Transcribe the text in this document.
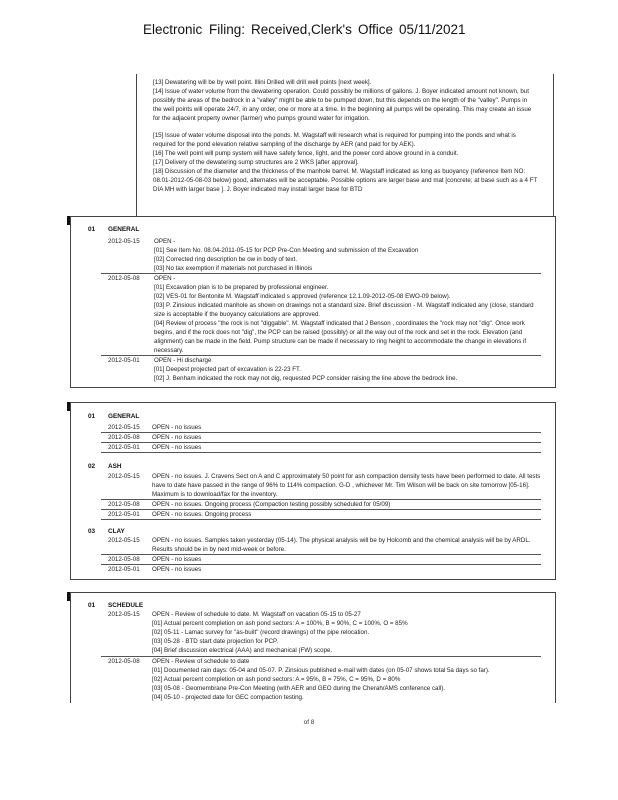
Electronic Filing: Received,Clerk's Office 05/11/2021
[13] Dewatering will be by well point. Illini Drilled will drill well points [next week].
[14] Issue of water volume from the dewatering operation. Could possibly be millions of gallons. J. Boyer indicated amount not known, but
possibly the areas of the bedrock in a "valley" might be able to be pumped down, but this depends on the length of the "valley". Pumps in
the well points will operate 24/7, in any order, one or more at a time. In the beginning all pumps will be operating. This may create an issue
for the adjacent property owner (farmer) who pumps ground water for irrigation.
[15] Issue of water volume disposal into the ponds. M. Wagstaff will research what is required for pumping into the ponds and what is
required for the pond elevation relative sampling of the discharge by AER (and paid for by AEK).
[16] The well point will pump system will have safety fence, light, and the power cord above ground in a conduit.
[17] Delivery of the dewatering sump structures are 2 WKS [after approval].
[18] Discussion of the diameter and the thickness of the manhole barrel. M. Wagstaff indicated as long as buoyancy (reference Item NO:
08.01-2012-05-08-03 below) good, alternates will be acceptable. Possible options are larger base and mat [concrete; at base such as a 4 FT
DIA MH with larger base ]. J. Boyer indicated may install larger base for BTD
01 GENERAL
2012-05-15 OPEN -
[01] See Item No. 08.04-2011-05-15 for PCP Pre-Con Meeting and submission of the Excavation
[02] Corrected ring description be ow in body of text.
[03] No tax exemption if materials not purchased in Illinois
2012-05-08 OPEN -
[01] Excavation plan is to be prepared by professional engineer.
[02] VES-01 for Bentonite M. Wagstaff indicated s approved (reference 12.1.09-2012-05-08 EWO-09 below).
[03] P. Zinsious indicated manhole as shown on drawings not a standard size. Brief discussion - M. Wagstaff indicated any (close, standard
size is acceptable if the buoyancy calculations are approved.
[04] Review of process "the rock is not "diggable". M. Wagstaff indicated that J Benson , coordinates the "rock may not "dig". Once work
begins, and if the rock does not "dig", the PCP can be raised (possibly) or all the way out of the rock and set in the rock. Elevation (and
alignment) can be made in the field. Pump structure can be made if necessary to ring height to accommodate the change in elevations if
necessary.
2012-05-01 OPEN - Hi discharge
[01] Deepest projected part of excavation is 22-23 FT.
[02] J. Benham indicated the rock may not dig, requested PCP consider raising the line above the bedrock line.
01 GENERAL
2012-05-15 OPEN - no issues
2012-05-08 OPEN - no issues
2012-05-01 OPEN - no issues
02 ASH
2012-05-15 OPEN - no issues. J. Cravens Sect on A and C approximately 50 point for ash compaction density tests have been performed to date. All tests
have to date have passed in the range of 96% to 114% compaction. G-D , whichever Mr. Tim Wilson will be back on site tomorrow [05-16].
Maximum is to download/fax for the inventory.
2012-05-08 OPEN - no issues. Ongoing process (Compaction testing possibly scheduled for 05/09)
2012-05-01 OPEN - no issues. Ongoing process
03 CLAY
2012-05-15 OPEN - no issues. Samples taken yesterday (05-14). The physical analysis will be by Holcomb and the chemical analysis will be by ARDL.
Results should be in by next mid-week or before.
2012-05-08 OPEN - no issues
2012-05-01 OPEN - no issues
01 SCHEDULE
2012-05-15 OPEN - Review of schedule to date. M. Wagstaff on vacation 05-15 to 05-27
[01] Actual percent completion on ash pond sectors: A = 100%, B = 90%, C = 100%, O = 85%
[02] 05-11 - Lamac survey for "as-built" (record drawings) of the pipe relocation.
[03] 05-28 - BTD start date projection for PCP.
[04] Brief discussion electrical (AAA) and mechanical (FW) scope.
2012-05-08 OPEN - Review of schedule to date
[01] Documented rain days: 05-04 and 05-07. P. Zinsious published e-mail with dates (on 05-07 shows total 5a days so far).
[02] Actual percent completion on ash pond sectors: A = 95%, B = 75%, C = 95%, D = 80%
[03] 05-08 - Geomembrane Pre-Con Meeting (with AER and GEO during the Cherah/AMS conference call).
[04] 05-10 - projected date for GEC compaction testing.
of 8
